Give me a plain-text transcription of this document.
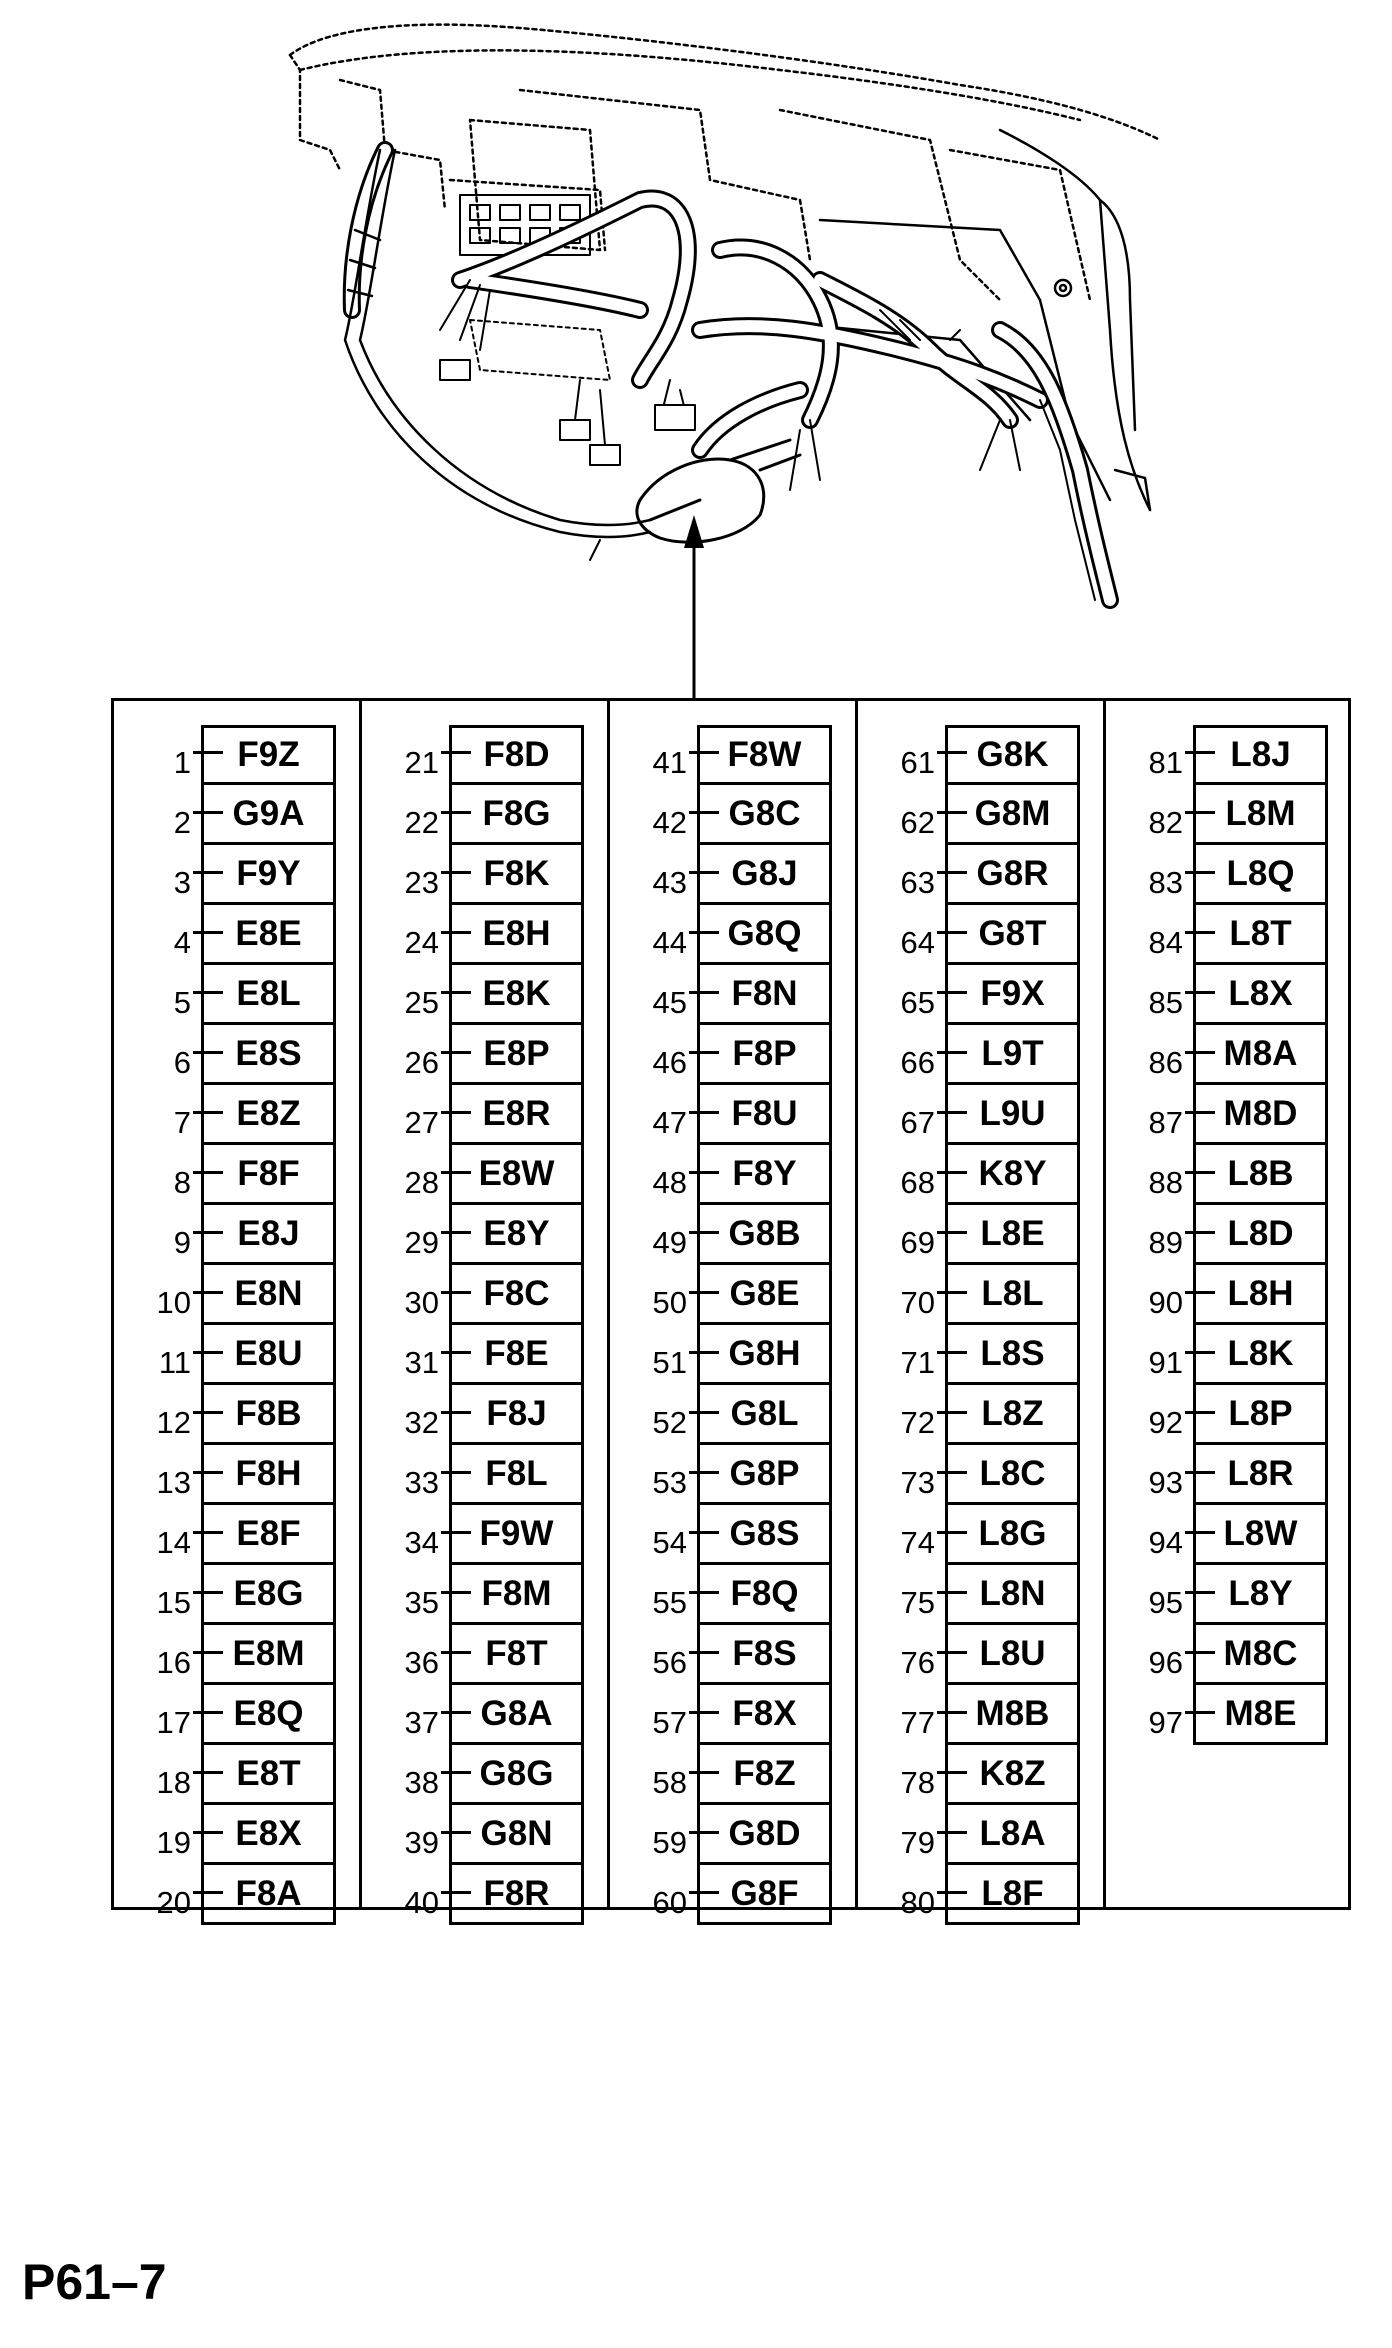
1	F9Z
2	G9A
3	F9Y
4	E8E
5	E8L
6	E8S
7	E8Z
8	F8F
9	E8J
10	E8N
11	E8U
12	F8B
13	F8H
14	E8F
15	E8G
16	E8M
17	E8Q
18	E8T
19	E8X
20	F8A
21	F8D
22	F8G
23	F8K
24	E8H
25	E8K
26	E8P
27	E8R
28	E8W
29	E8Y
30	F8C
31	F8E
32	F8J
33	F8L
34	F9W
35	F8M
36	F8T
37	G8A
38	G8G
39	G8N
40	F8R
41	F8W
42	G8C
43	G8J
44	G8Q
45	F8N
46	F8P
47	F8U
48	F8Y
49	G8B
50	G8E
51	G8H
52	G8L
53	G8P
54	G8S
55	F8Q
56	F8S
57	F8X
58	F8Z
59	G8D
60	G8F
61	G8K
62	G8M
63	G8R
64	G8T
65	F9X
66	L9T
67	L9U
68	K8Y
69	L8E
70	L8L
71	L8S
72	L8Z
73	L8C
74	L8G
75	L8N
76	L8U
77	M8B
78	K8Z
79	L8A
80	L8F
81	L8J
82	L8M
83	L8Q
84	L8T
85	L8X
86	M8A
87	M8D
88	L8B
89	L8D
90	L8H
91	L8K
92	L8P
93	L8R
94	L8W
95	L8Y
96	M8C
97	M8E
P61–7
